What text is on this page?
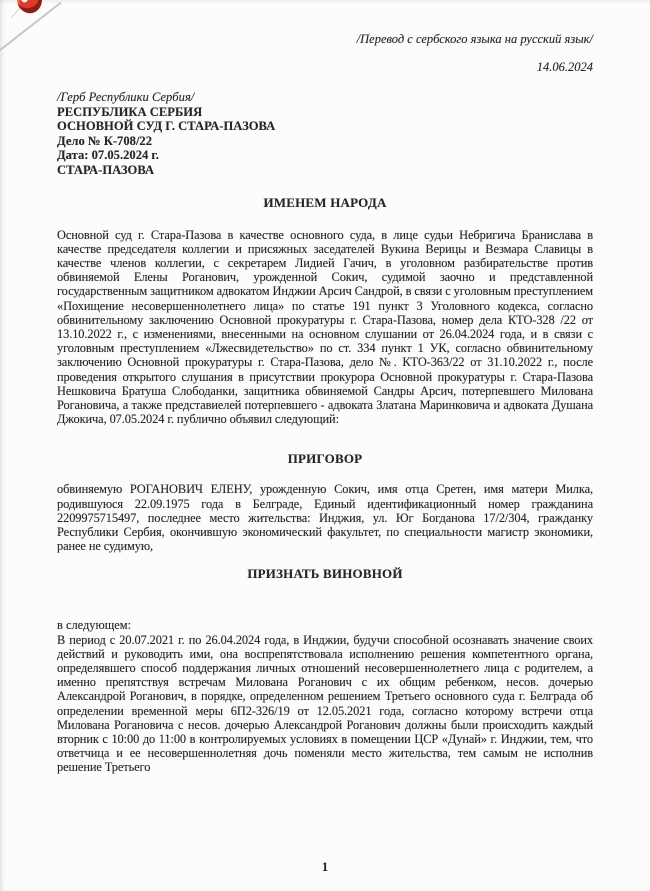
/Перевод с сербского языка на русский язык/
14.06.2024
/Герб Республики Сербия/
РЕСПУБЛИКА СЕРБИЯ
ОСНОВНОЙ СУД Г. СТАРА-ПАЗОВА
Дело № К-708/22
Дата: 07.05.2024 г.
СТАРА-ПАЗОВА
ИМЕНЕМ НАРОДА

Основной суд г. Стара-Пазова в качестве основного суда, в лице судьи Небригича Бранислава в качестве председателя коллегии и присяжных заседателей Вукина Верицы и Везмара Славицы в качестве членов коллегии, с секретарем Лидией Гачич, в уголовном разбирательстве против обвиняемой Елены Роганович, урожденной Сокич, судимой заочно и представленной государственным защитником адвокатом Инджии Арсич Сандрой, в связи с уголовным преступлением «Похищение несовершеннолетнего лица» по статье 191 пункт 3 Уголовного кодекса, согласно обвинительному заключению Основной прокуратуры г. Стара-Пазова, номер дела КТО-328 /22 от 13.10.2022 г., с изменениями, внесенными на основном слушании от 26.04.2024 года, и в связи с уголовным преступлением «Лжесвидетельство» по ст. 334 пункт 1 УК, согласно обвинительному заключению Основной прокуратуры г. Стара-Пазова, дело №. КТО-363/22 от 31.10.2022 г., после проведения открытого слушания в присутствии прокурора Основной прокуратуры г. Стара-Пазова Нешковича Братуша Слободанки, защитника обвиняемой Сандры Арсич, потерпевшего Милована Рогановича, а также представиелей потерпевшего - адвоката Златана Маринковича и адвоката Душана Джокича, 07.05.2024 г. публично объявил следующий:

ПРИГОВОР

обвиняемую РОГАНОВИЧ ЕЛЕНУ, урожденную Сокич, имя отца Сретен, имя матери Милка, родившуюся 22.09.1975 года в Белграде, Единый идентификационный номер гражданина 2209975715497, последнее место жительства: Инджия, ул. Юг Богданова 17/2/304, гражданку Республики Сербия, окончившую экономический факультет, по специальности магистр экономики, ранее не судимую,

ПРИЗНАТЬ ВИНОВНОЙ
в следующем:

В период с 20.07.2021 г. по 26.04.2024 года, в Инджии, будучи способной осознавать значение своих действий и руководить ими, она воспрепятствовала исполнению решения компетентного органа, определявшего способ поддержания личных отношений несовершеннолетнего лица с родителем, а именно препятствуя встречам Милована Роганович с их общим ребенком, несов. дочерью Александрой Роганович, в порядке, определенном решением Третьего основного суда г. Белграда об определении временной меры 6П2-326/19 от 12.05.2021 года, согласно которому встречи отца Милована Рогановича с несов. дочерью Александрой Роганович должны были происходить каждый вторник с 10:00 до 11:00 в контролируемых условиях в помещении ЦСР «Дунай» г. Инджии, тем, что ответчица и ее несовершеннолетняя дочь поменяли место жительства, тем самым не исполнив решение Третьего

1
